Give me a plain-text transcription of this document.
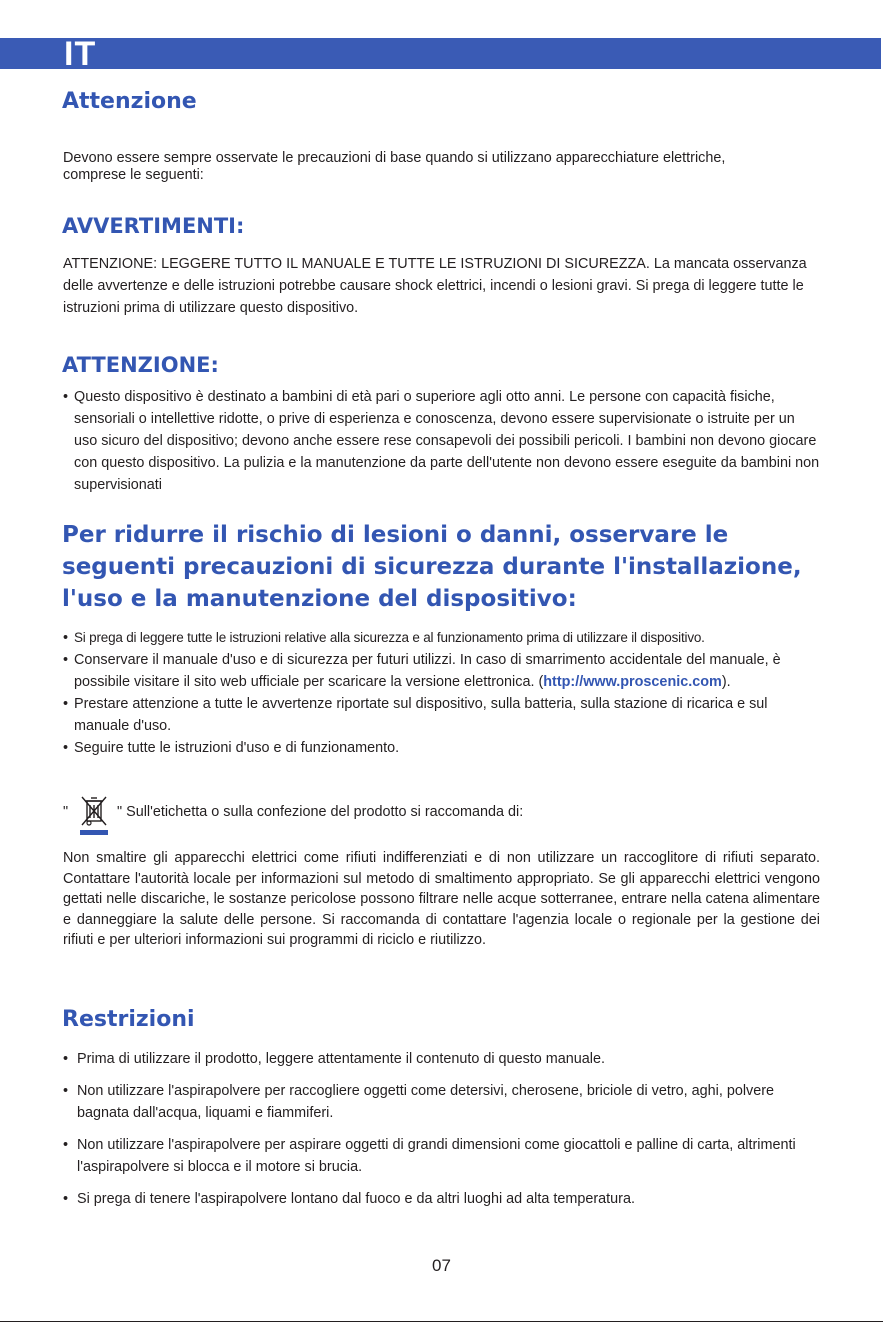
IT
Attenzione

Devono essere sempre osservate le precauzioni di base quando si utilizzano apparecchiature elettriche,
comprese le seguenti:

AVVERTIMENTI:

ATTENZIONE: LEGGERE TUTTO IL MANUALE E TUTTE LE ISTRUZIONI DI SICUREZZA. La mancata osservanza delle avvertenze e delle istruzioni potrebbe causare shock elettrici, incendi o lesioni gravi. Si prega di leggere tutte le istruzioni prima di utilizzare questo dispositivo.

ATTENZIONE:
• Questo dispositivo è destinato a bambini di età pari o superiore agli otto anni. Le persone con capacità fisiche, sensoriali o intellettive ridotte, o prive di esperienza e conoscenza, devono essere supervisionate o istruite per un uso sicuro del dispositivo; devono anche essere rese consapevoli dei possibili pericoli. I bambini non devono giocare con questo dispositivo. La pulizia e la manutenzione da parte dell'utente non devono essere eseguite da bambini non supervisionati
Per ridurre il rischio di lesioni o danni, osservare le seguenti precauzioni di sicurezza durante l'installazione, l'uso e la manutenzione del dispositivo:
• Si prega di leggere tutte le istruzioni relative alla sicurezza e al funzionamento prima di utilizzare il dispositivo.
• Conservare il manuale d'uso e di sicurezza per futuri utilizzi. In caso di smarrimento accidentale del manuale, è possibile visitare il sito web ufficiale per scaricare la versione elettronica. (http://www.proscenic.com).
• Prestare attenzione a tutte le avvertenze riportate sul dispositivo, sulla batteria, sulla stazione di ricarica e sul manuale d'uso.
• Seguire tutte le istruzioni d'uso e di funzionamento.
"	" Sull'etichetta o sulla confezione del prodotto si raccomanda di:

Non smaltire gli apparecchi elettrici come rifiuti indifferenziati e di non utilizzare un raccoglitore di rifiuti separato. Contattare l'autorità locale per informazioni sul metodo di smaltimento appropriato. Se gli apparecchi elettrici vengono gettati nelle discariche, le sostanze pericolose possono filtrare nelle acque sotterranee, entrare nella catena alimentare e danneggiare la salute delle persone. Si raccomanda di contattare l'agenzia locale o regionale per la gestione dei rifiuti e per ulteriori informazioni sui programmi di riciclo e riutilizzo.

Restrizioni
• Prima di utilizzare il prodotto, leggere attentamente il contenuto di questo manuale.
• Non utilizzare l'aspirapolvere per raccogliere oggetti come detersivi, cherosene, briciole di vetro, aghi, polvere bagnata dall'acqua, liquami e fiammiferi.
• Non utilizzare l'aspirapolvere per aspirare oggetti di grandi dimensioni come giocattoli e palline di carta, altrimenti l'aspirapolvere si blocca e il motore si brucia.
• Si prega di tenere l'aspirapolvere lontano dal fuoco e da altri luoghi ad alta temperatura.
07
